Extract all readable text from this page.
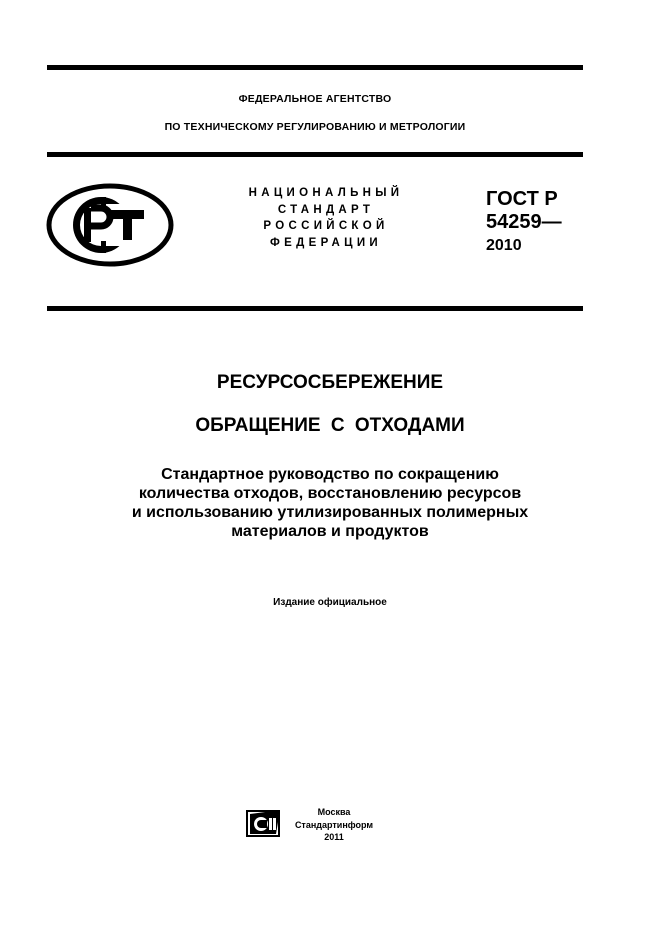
ФЕДЕРАЛЬНОЕ АГЕНТСТВО
ПО ТЕХНИЧЕСКОМУ РЕГУЛИРОВАНИЮ И МЕТРОЛОГИИ
НАЦИОНАЛЬНЫЙ
СТАНДАРТ
РОССИЙСКОЙ
ФЕДЕРАЦИИ
ГОСТ Р
54259—
2010
РЕСУРСОСБЕРЕЖЕНИЕ
ОБРАЩЕНИЕ С ОТХОДАМИ
Стандартное руководство по сокращению
количества отходов, восстановлению ресурсов
и использованию утилизированных полимерных
материалов и продуктов
Издание официальное
Москва
Стандартинформ
2011
